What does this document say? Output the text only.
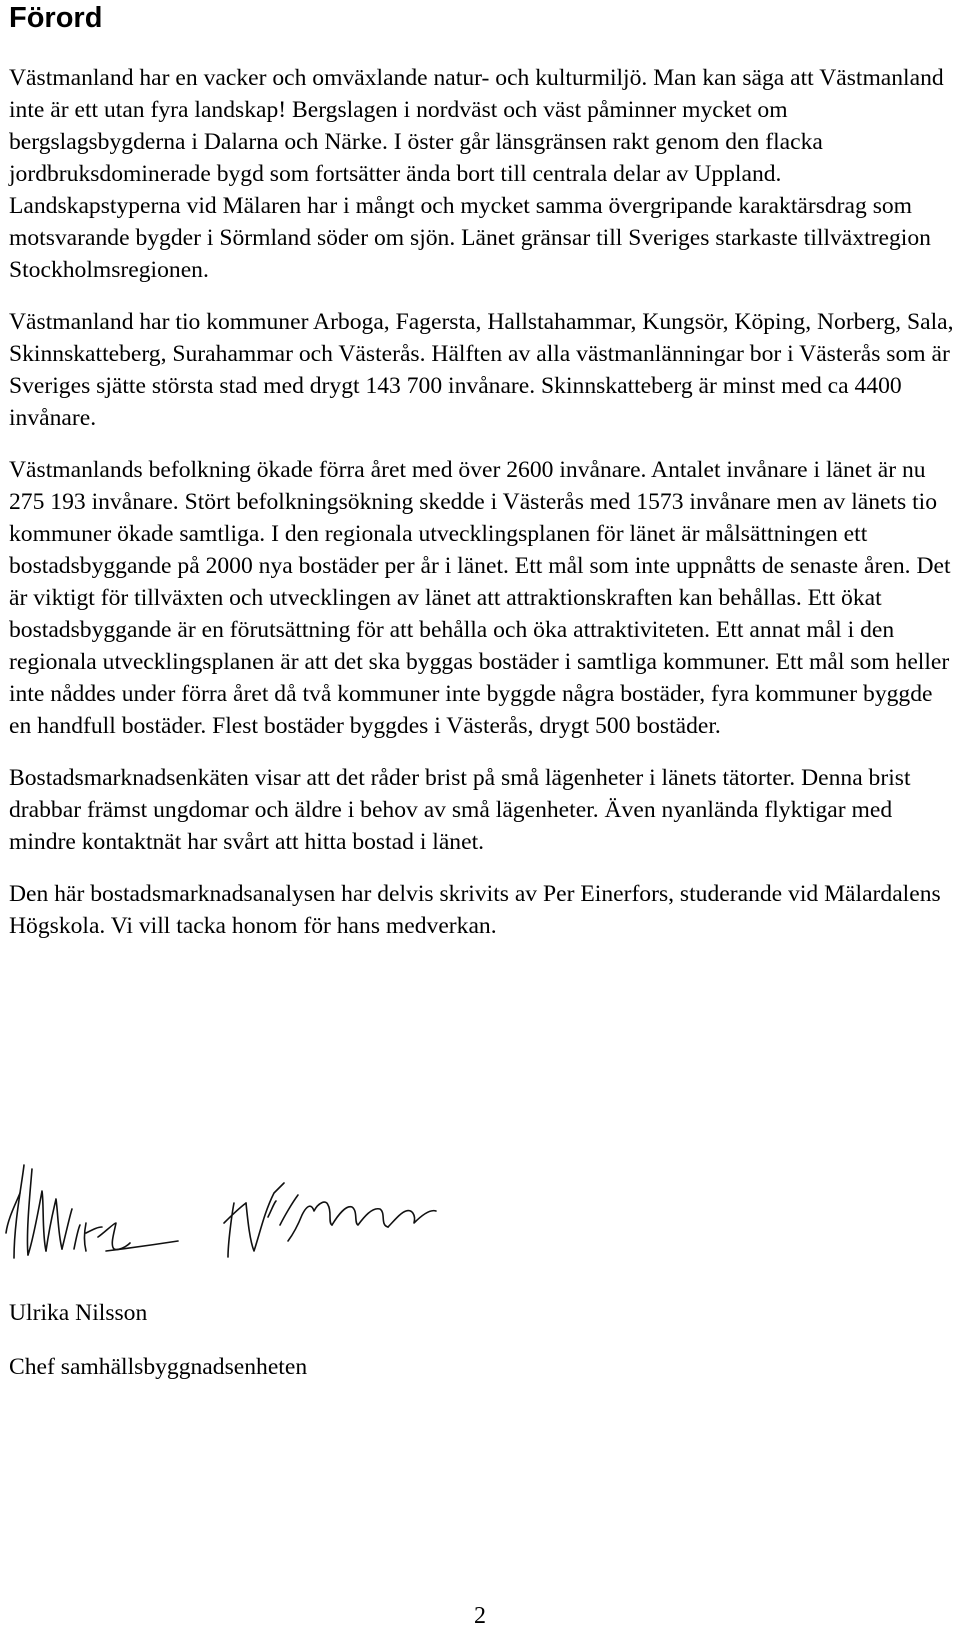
Förord

Västmanland har en vacker och omväxlande natur- och kulturmiljö. Man kan säga att Västmanland inte är ett utan fyra landskap! Bergslagen i nordväst och väst påminner mycket om bergslagsbygderna i Dalarna och Närke. I öster går länsgränsen rakt genom den flacka jordbruksdominerade bygd som fortsätter ända bort till centrala delar av Uppland. Landskapstyperna vid Mälaren har i mångt och mycket samma övergripande karaktärsdrag som motsvarande bygder i Sörmland söder om sjön. Länet gränsar till Sveriges starkaste tillväxtregion Stockholmsregionen.

Västmanland har tio kommuner Arboga, Fagersta, Hallstahammar, Kungsör, Köping, Norberg, Sala, Skinnskatteberg, Surahammar och Västerås. Hälften av alla västmanlänningar bor i Västerås som är Sveriges sjätte största stad med drygt 143 700 invånare. Skinnskatteberg är minst med ca 4400 invånare.

Västmanlands befolkning ökade förra året med över 2600 invånare. Antalet invånare i länet är nu 275 193 invånare. Stört befolkningsökning skedde i Västerås med 1573 invånare men av länets tio kommuner ökade samtliga. I den regionala utvecklingsplanen för länet är målsättningen ett bostadsbyggande på 2000 nya bostäder per år i länet. Ett mål som inte uppnåtts de senaste åren. Det är viktigt för tillväxten och utvecklingen av länet att attraktionskraften kan behållas. Ett ökat bostadsbyggande är en förutsättning för att behålla och öka attraktiviteten. Ett annat mål i den regionala utvecklingsplanen är att det ska byggas bostäder i samtliga kommuner. Ett mål som heller inte nåddes under förra året då två kommuner inte byggde några bostäder, fyra kommuner byggde en handfull bostäder. Flest bostäder byggdes i Västerås, drygt 500 bostäder.

Bostadsmarknadsenkäten visar att det råder brist på små lägenheter i länets tätorter. Denna brist drabbar främst ungdomar och äldre i behov av små lägenheter. Även nyanlända flyktigar med mindre kontaktnät har svårt att hitta bostad i länet.

Den här bostadsmarknadsanalysen har delvis skrivits av Per Einerfors, studerande vid Mälardalens Högskola. Vi vill tacka honom för hans medverkan.

Ulrika Nilsson
Chef samhällsbyggnadsenheten
2
